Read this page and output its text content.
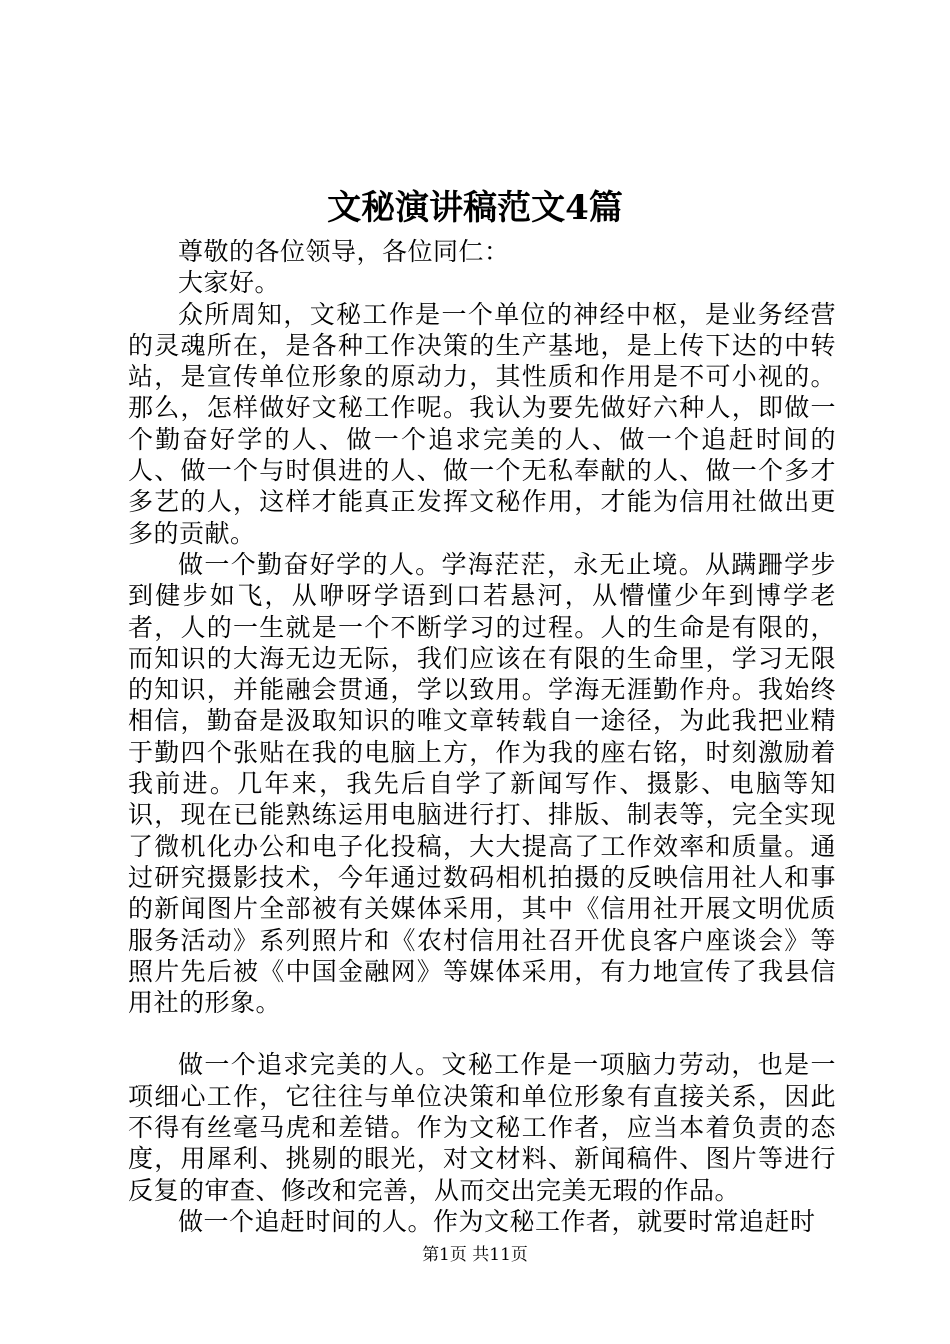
文秘演讲稿范文4篇

尊敬的各位领导，各位同仁：

大家好。

众所周知，文秘工作是一个单位的神经中枢，是业务经营的灵魂所在，是各种工作决策的生产基地，是上传下达的中转站，是宣传单位形象的原动力，其性质和作用是不可小视的。那么，怎样做好文秘工作呢。我认为要先做好六种人，即做一个勤奋好学的人、做一个追求完美的人、做一个追赶时间的人、做一个与时俱进的人、做一个无私奉献的人、做一个多才多艺的人，这样才能真正发挥文秘作用，才能为信用社做出更多的贡献。

做一个勤奋好学的人。学海茫茫，永无止境。从蹒跚学步到健步如飞，从咿呀学语到口若悬河，从懵懂少年到博学老者，人的一生就是一个不断学习的过程。人的生命是有限的，而知识的大海无边无际，我们应该在有限的生命里，学习无限的知识，并能融会贯通，学以致用。学海无涯勤作舟。我始终相信，勤奋是汲取知识的唯文章转载自一途径，为此我把业精于勤四个张贴在我的电脑上方，作为我的座右铭，时刻激励着我前进。几年来，我先后自学了新闻写作、摄影、电脑等知识，现在已能熟练运用电脑进行打、排版、制表等，完全实现了微机化办公和电子化投稿，大大提高了工作效率和质量。通过研究摄影技术，今年通过数码相机拍摄的反映信用社人和事的新闻图片全部被有关媒体采用，其中《信用社开展文明优质服务活动》系列照片和《农村信用社召开优良客户座谈会》等照片先后被《中国金融网》等媒体采用，有力地宣传了我县信用社的形象。

做一个追求完美的人。文秘工作是一项脑力劳动，也是一项细心工作，它往往与单位决策和单位形象有直接关系，因此不得有丝毫马虎和差错。作为文秘工作者，应当本着负责的态度，用犀利、挑剔的眼光，对文材料、新闻稿件、图片等进行反复的审查、修改和完善，从而交出完美无瑕的作品。

做一个追赶时间的人。作为文秘工作者，就要时常追赶时

第1页 共11页
